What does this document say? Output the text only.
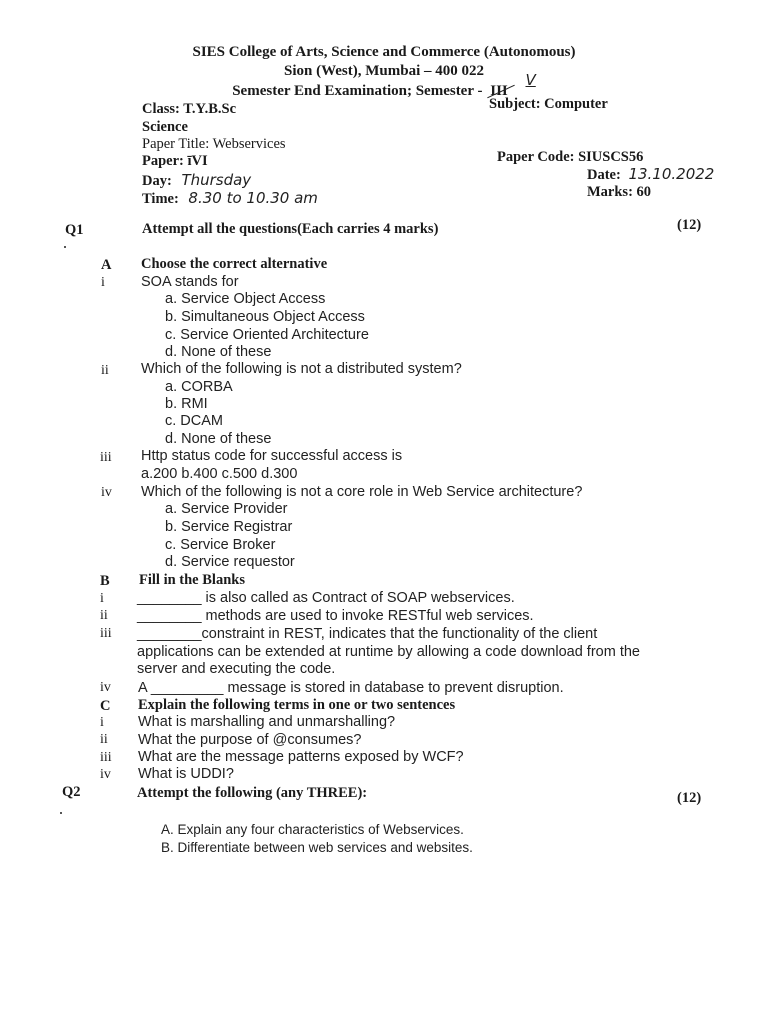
SIES College of Arts, Science and Commerce (Autonomous)
Sion (West), Mumbai – 400 022
Semester End Examination; Semester - III
V
Class: T.Y.B.Sc	Subject: Computer
Science
Paper Title: Webservices
Paper: īVI	Paper Code: SIUSCS56
Day: Thursday	Date: 13.10.2022
Time: 8.30 to 10.30 am	Marks: 60
Q1	Attempt all the questions(Each carries 4 marks)	(12)
A Choose the correct alternative
i SOA stands for
a. Service Object Access
b. Simultaneous Object Access
c. Service Oriented Architecture
d. None of these
ii Which of the following is not a distributed system?
a. CORBA
b. RMI
c. DCAM
d. None of these
iii Http status code for successful access is
a.200 b.400 c.500 d.300
iv Which of the following is not a core role in Web Service architecture?
a. Service Provider
b. Service Registrar
c. Service Broker
d. Service requestor
B Fill in the Blanks
i ________ is also called as Contract of SOAP webservices.
ii ________ methods are used to invoke RESTful web services.
iii ________constraint in REST, indicates that the functionality of the client
applications can be extended at runtime by allowing a code download from the
server and executing the code.
iv A _________ message is stored in database to prevent disruption.
C Explain the following terms in one or two sentences
i What is marshalling and unmarshalling?
ii What the purpose of @consumes?
iii What are the message patterns exposed by WCF?
iv What is UDDI?
Q2	Attempt the following (any THREE):	(12)
A. Explain any four characteristics of Webservices.
B. Differentiate between web services and websites.
